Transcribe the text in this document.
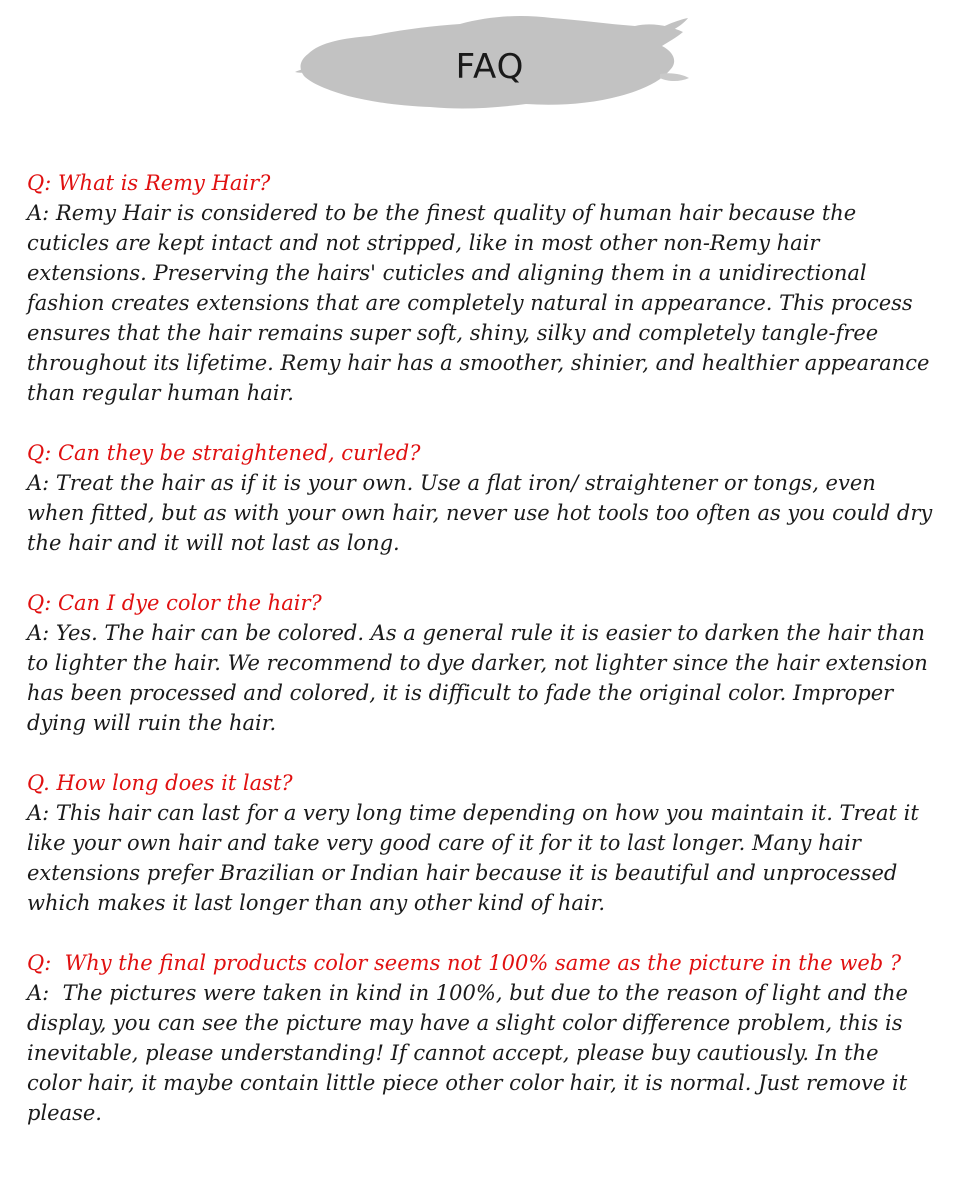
FAQ
Q: What is Remy Hair?
A: Remy Hair is considered to be the finest quality of human hair because the cuticles are kept intact and not stripped, like in most other non-Remy hair extensions. Preserving the hairs' cuticles and aligning them in a unidirectional fashion creates extensions that are completely natural in appearance. This process ensures that the hair remains super soft, shiny, silky and completely tangle-free throughout its lifetime. Remy hair has a smoother, shinier, and healthier appearance than regular human hair.
Q: Can they be straightened, curled?
A: Treat the hair as if it is your own. Use a flat iron/ straightener or tongs, even when fitted, but as with your own hair, never use hot tools too often as you could dry the hair and it will not last as long.
Q: Can I dye color the hair?
A: Yes. The hair can be colored. As a general rule it is easier to darken the hair than to lighter the hair. We recommend to dye darker, not lighter since the hair extension has been processed and colored, it is difficult to fade the original color. Improper dying will ruin the hair.
Q. How long does it last?
A: This hair can last for a very long time depending on how you maintain it. Treat it like your own hair and take very good care of it for it to last longer. Many hair extensions prefer Brazilian or Indian hair because it is beautiful and unprocessed which makes it last longer than any other kind of hair.
Q:  Why the final products color seems not 100% same as the picture in the web ?
A:  The pictures were taken in kind in 100%, but due to the reason of light and the display, you can see the picture may have a slight color difference problem, this is inevitable, please understanding! If cannot accept, please buy cautiously. In the color hair, it maybe contain little piece other color hair, it is normal. Just remove it please.
